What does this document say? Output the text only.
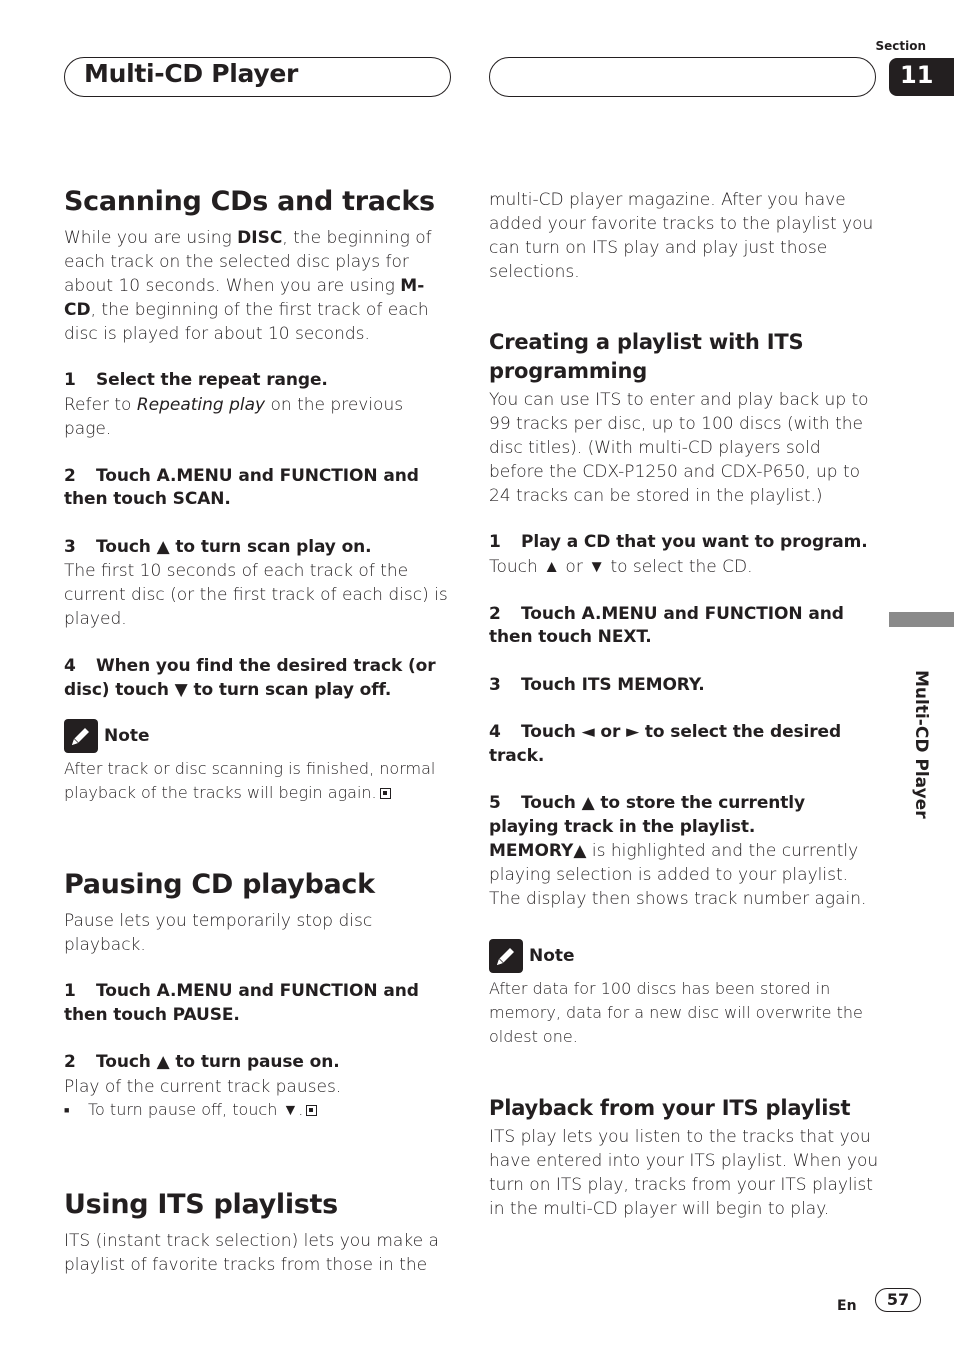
Multi-CD Player
Section
11
Scanning CDs and tracks

While you are using DISC, the beginning of each track on the selected disc plays for about 10 seconds. When you are using M-CD, the beginning of the first track of each disc is played for about 10 seconds.

1 Select the repeat range.

Refer to Repeating play on the previous page.

2 Touch A.MENU and FUNCTION and then touch SCAN.

3 Touch ▲ to turn scan play on.

The first 10 seconds of each track of the current disc (or the first track of each disc) is played.

4 When you find the desired track (or disc) touch ▼ to turn scan play off.

Note

After track or disc scanning is finished, normal playback of the tracks will begin again.

Pausing CD playback

Pause lets you temporarily stop disc playback.

1 Touch A.MENU and FUNCTION and then touch PAUSE.

2 Touch ▲ to turn pause on.

Play of the current track pauses.

■ To turn pause off, touch ▼.
Using ITS playlists

ITS (instant track selection) lets you make a playlist of favorite tracks from those in the

multi-CD player magazine. After you have added your favorite tracks to the playlist you can turn on ITS play and play just those selections.

Creating a playlist with ITS programming

You can use ITS to enter and play back up to 99 tracks per disc, up to 100 discs (with the disc titles). (With multi-CD players sold before the CDX-P1250 and CDX-P650, up to 24 tracks can be stored in the playlist.)

1 Play a CD that you want to program.

Touch ▲ or ▼ to select the CD.

2 Touch A.MENU and FUNCTION and then touch NEXT.

3 Touch ITS MEMORY.

4 Touch ◄ or ► to select the desired track.

5 Touch ▲ to store the currently playing track in the playlist.

MEMORY▲ is highlighted and the currently playing selection is added to your playlist. The display then shows track number again.

Note

After data for 100 discs has been stored in memory, data for a new disc will overwrite the oldest one.

Playback from your ITS playlist

ITS play lets you listen to the tracks that you have entered into your ITS playlist. When you turn on ITS play, tracks from your ITS playlist in the multi-CD player will begin to play.

Multi-CD Player
En	57
